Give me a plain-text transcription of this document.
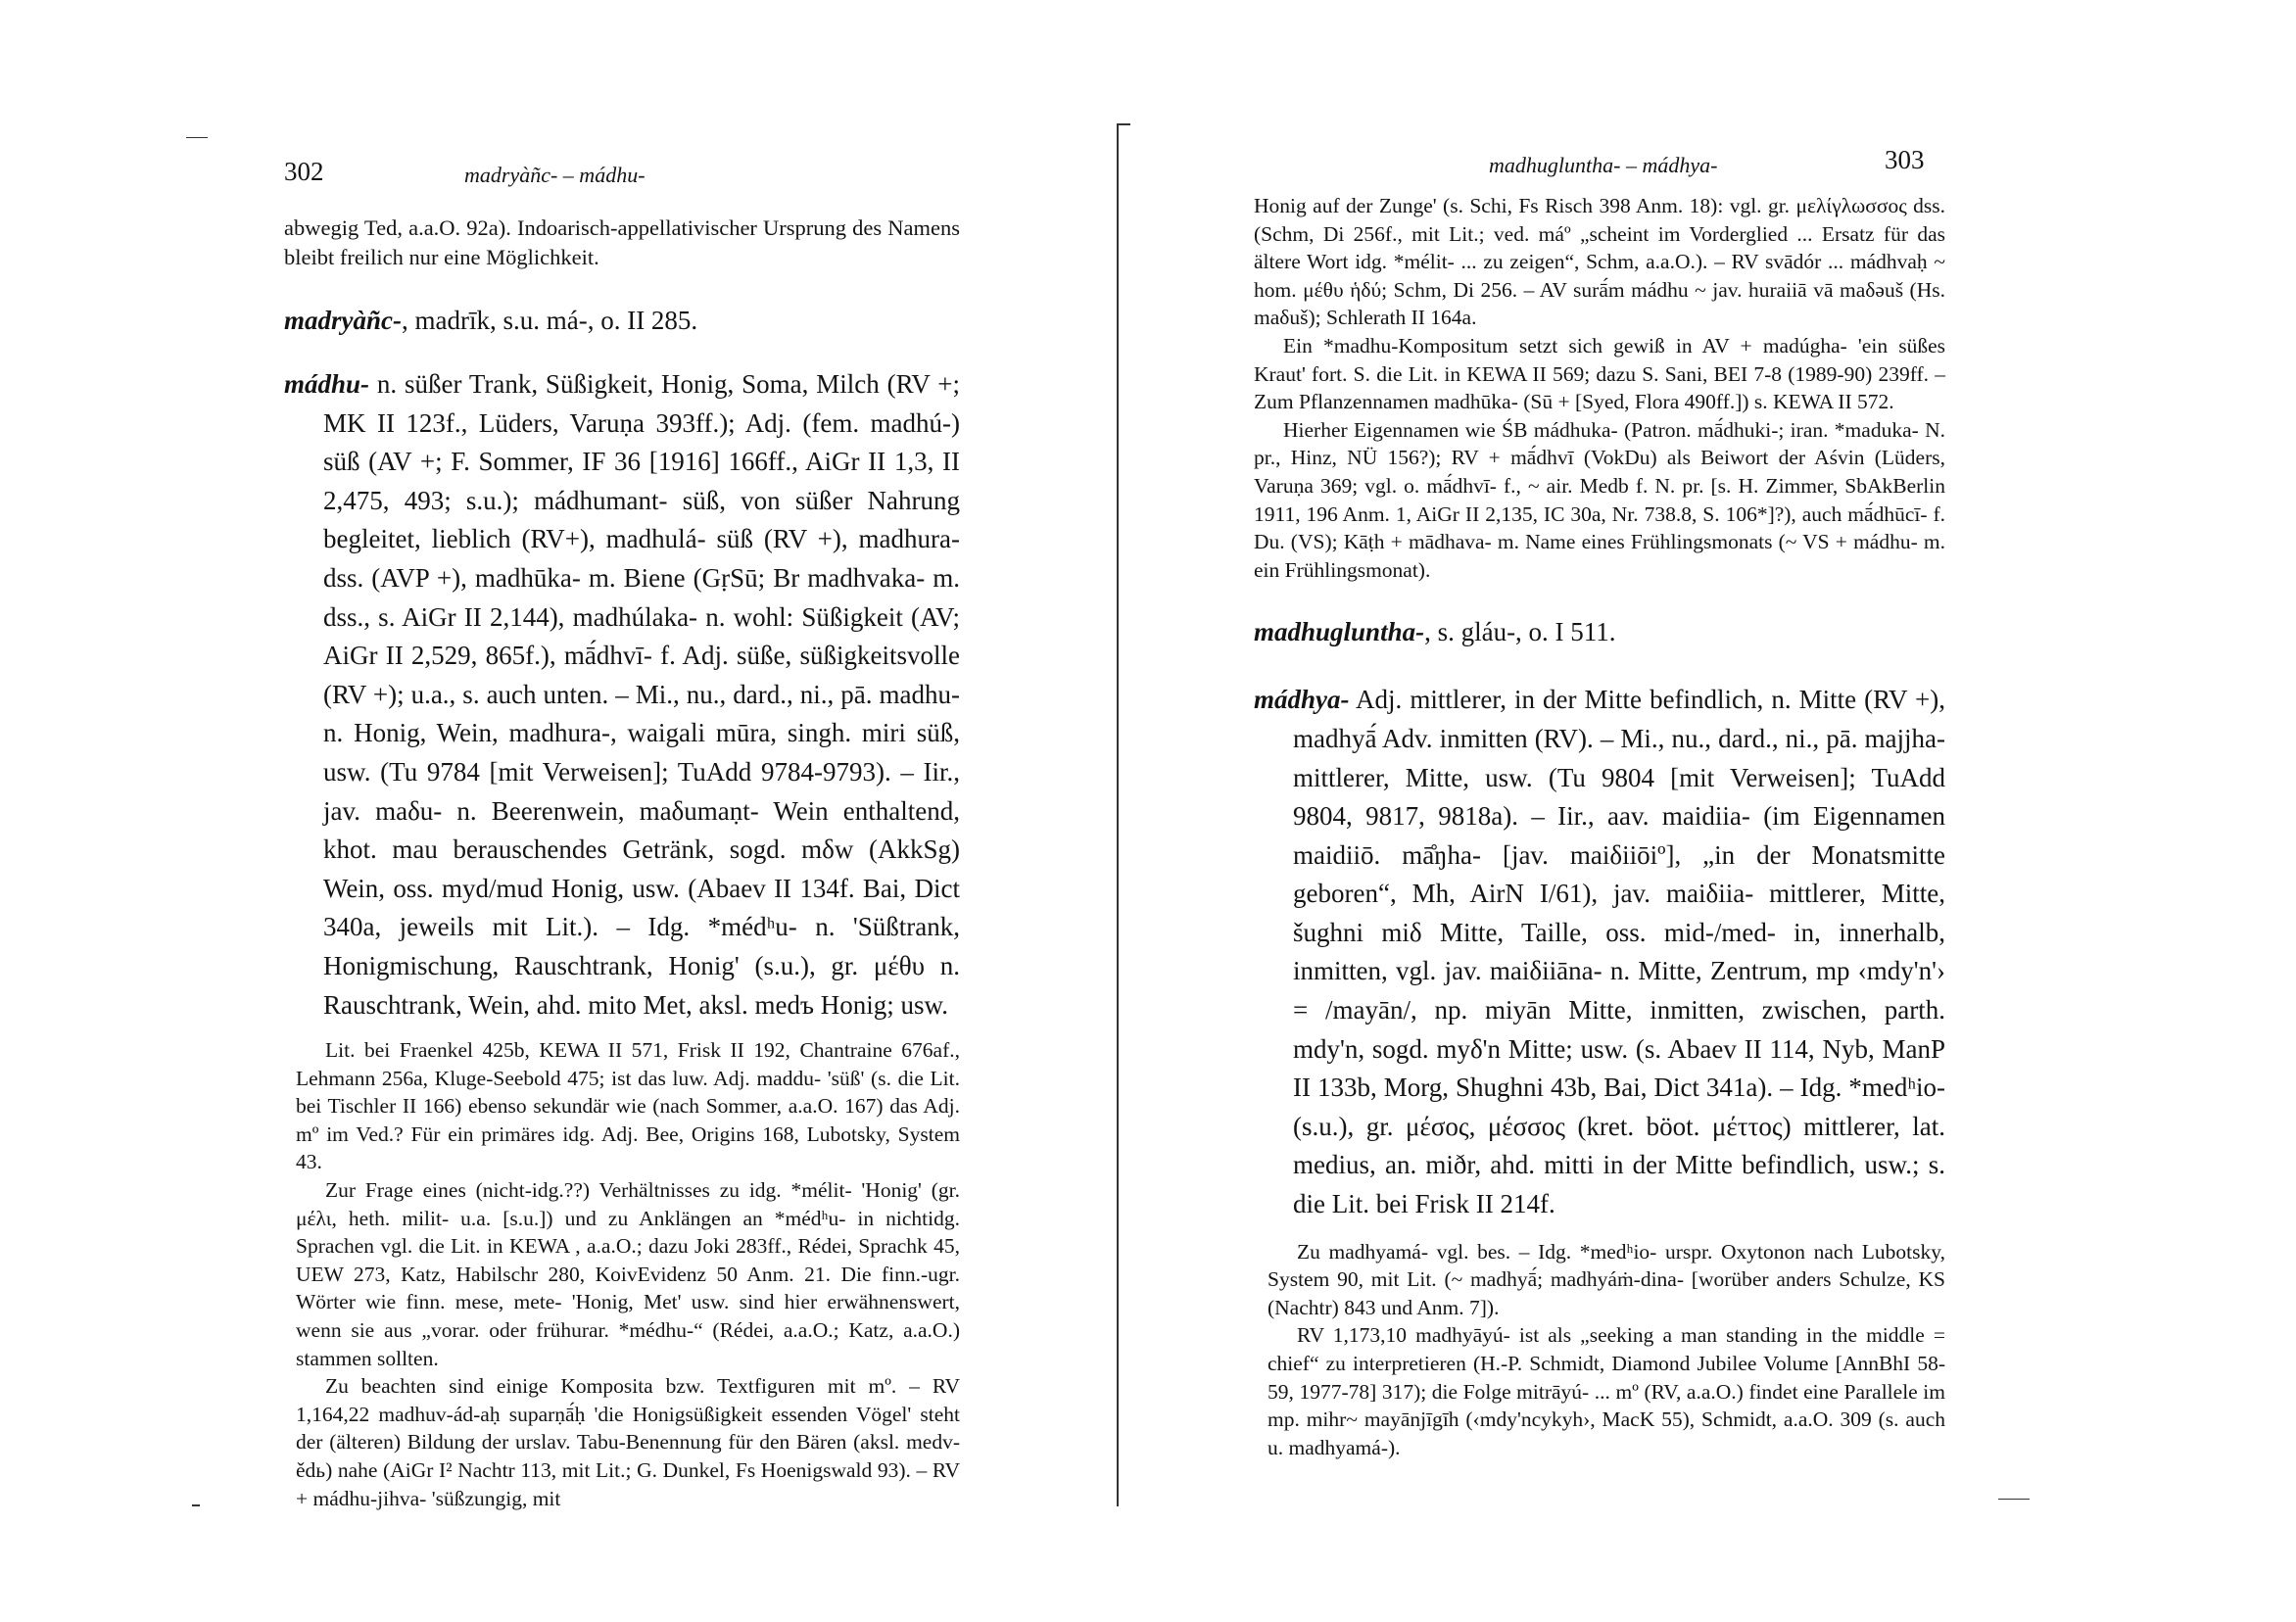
302	madryàñc- – mádhu-

abwegig Ted, a.a.O. 92a). Indoarisch-appellativischer Ursprung des Namens bleibt freilich nur eine Möglichkeit.

madryàñc-, madrīk, s.u. má-, o. II 285.

mádhu- n. süßer Trank, Süßigkeit, Honig, Soma, Milch (RV +; MK II 123f., Lüders, Varuṇa 393ff.); Adj. (fem. madhú-) süß (AV +; F. Sommer, IF 36 [1916] 166ff., AiGr II 1,3, II 2,475, 493; s.u.); mádhumant- süß, von süßer Nahrung begleitet, lieblich (RV+), madhulá- süß (RV +), madhura- dss. (AVP +), madhūka- m. Biene (GṛSū; Br madhvaka- m. dss., s. AiGr II 2,144), madhúlaka- n. wohl: Süßigkeit (AV; AiGr II 2,529, 865f.), mā́dhvī- f. Adj. süße, süßigkeitsvolle (RV +); u.a., s. auch unten. – Mi., nu., dard., ni., pā. madhu- n. Honig, Wein, madhura-, waigali mūra, singh. miri süß, usw. (Tu 9784 [mit Verweisen]; TuAdd 9784-9793). – Iir., jav. maδu- n. Beerenwein, maδumaṇt- Wein enthaltend, khot. mau berauschendes Getränk, sogd. mδw (AkkSg) Wein, oss. myd/mud Honig, usw. (Abaev II 134f. Bai, Dict 340a, jeweils mit Lit.). – Idg. *médʰu- n. 'Süßtrank, Honigmischung, Rauschtrank, Honig' (s.u.), gr. μέθυ n. Rauschtrank, Wein, ahd. mito Met, aksl. medъ Honig; usw.

Lit. bei Fraenkel 425b, KEWA II 571, Frisk II 192, Chantraine 676af., Lehmann 256a, Kluge-Seebold 475; ist das luw. Adj. maddu- 'süß' (s. die Lit. bei Tischler II 166) ebenso sekundär wie (nach Sommer, a.a.O. 167) das Adj. mº im Ved.? Für ein primäres idg. Adj. Bee, Origins 168, Lubotsky, System 43.

Zur Frage eines (nicht-idg.??) Verhältnisses zu idg. *mélit- 'Honig' (gr. μέλι, heth. milit- u.a. [s.u.]) und zu Anklängen an *médʰu- in nichtidg. Sprachen vgl. die Lit. in KEWA , a.a.O.; dazu Joki 283ff., Rédei, Sprachk 45, UEW 273, Katz, Habilschr 280, KoivEvidenz 50 Anm. 21. Die finn.-ugr. Wörter wie finn. mese, mete- 'Honig, Met' usw. sind hier erwähnenswert, wenn sie aus „vorar. oder frühurar. *médhu-“ (Rédei, a.a.O.; Katz, a.a.O.) stammen sollten.

Zu beachten sind einige Komposita bzw. Textfiguren mit mº. – RV 1,164,22 madhuv-ád-aḥ suparṇā́ḥ 'die Honigsüßigkeit essenden Vögel' steht der (älteren) Bildung der urslav. Tabu-Benennung für den Bären (aksl. medv-ědь) nahe (AiGr I² Nachtr 113, mit Lit.; G. Dunkel, Fs Hoenigswald 93). – RV + mádhu-jihva- 'süßzungig, mit

madhugluntha- – mádhya-	303

Honig auf der Zunge' (s. Schi, Fs Risch 398 Anm. 18): vgl. gr. μελίγλωσσος dss. (Schm, Di 256f., mit Lit.; ved. máº „scheint im Vorderglied ... Ersatz für das ältere Wort idg. *mélit- ... zu zeigen“, Schm, a.a.O.). – RV svādór ... mádhvaḥ ~ hom. μέθυ ἡδύ; Schm, Di 256. – AV surā́m mádhu ~ jav. huraiiā vā maδəuš (Hs. maδuš); Schlerath II 164a.

Ein *madhu-Kompositum setzt sich gewiß in AV + madúgha- 'ein süßes Kraut' fort. S. die Lit. in KEWA II 569; dazu S. Sani, BEI 7-8 (1989-90) 239ff. – Zum Pflanzennamen madhūka- (Sū + [Syed, Flora 490ff.]) s. KEWA II 572.

Hierher Eigennamen wie ŚB mádhuka- (Patron. mā́dhuki-; iran. *maduka- N. pr., Hinz, NÜ 156?); RV + mā́dhvī (VokDu) als Beiwort der Aśvin (Lüders, Varuṇa 369; vgl. o. mā́dhvī- f., ~ air. Medb f. N. pr. [s. H. Zimmer, SbAkBerlin 1911, 196 Anm. 1, AiGr II 2,135, IC 30a, Nr. 738.8, S. 106*]?), auch mā́dhūcī- f. Du. (VS); Kāṭh + mādhava- m. Name eines Frühlingsmonats (~ VS + mádhu- m. ein Frühlingsmonat).

madhugluntha-, s. gláu-, o. I 511.

mádhya- Adj. mittlerer, in der Mitte befindlich, n. Mitte (RV +), madhyā́ Adv. inmitten (RV). – Mi., nu., dard., ni., pā. majjha- mittlerer, Mitte, usw. (Tu 9804 [mit Verweisen]; TuAdd 9804, 9817, 9818a). – Iir., aav. maidiia- (im Eigennamen maidiiō. mā̊ŋha- [jav. maiδiiōiº], „in der Monatsmitte geboren“, Mh, AirN I/61), jav. maiδiia- mittlerer, Mitte, šughni miδ Mitte, Taille, oss. mid-/med- in, innerhalb, inmitten, vgl. jav. maiδiiāna- n. Mitte, Zentrum, mp ‹mdy'n'› = /mayān/, np. miyān Mitte, inmitten, zwischen, parth. mdy'n, sogd. myδ'n Mitte; usw. (s. Abaev II 114, Nyb, ManP II 133b, Morg, Shughni 43b, Bai, Dict 341a). – Idg. *medʰio- (s.u.), gr. μέσος, μέσσος (kret. böot. μέττος) mittlerer, lat. medius, an. miðr, ahd. mitti in der Mitte befindlich, usw.; s. die Lit. bei Frisk II 214f.

Zu madhyamá- vgl. bes. – Idg. *medʰio- urspr. Oxytonon nach Lubotsky, System 90, mit Lit. (~ madhyā́; madhyáṁ-dina- [worüber anders Schulze, KS (Nachtr) 843 und Anm. 7]).

RV 1,173,10 madhyāyú- ist als „seeking a man standing in the middle = chief“ zu interpretieren (H.-P. Schmidt, Diamond Jubilee Volume [AnnBhI 58-59, 1977-78] 317); die Folge mitrāyú- ... mº (RV, a.a.O.) findet eine Parallele im mp. mihr~ mayānjīgīh (‹mdy'ncykyh›, MacK 55), Schmidt, a.a.O. 309 (s. auch u. madhyamá-).
